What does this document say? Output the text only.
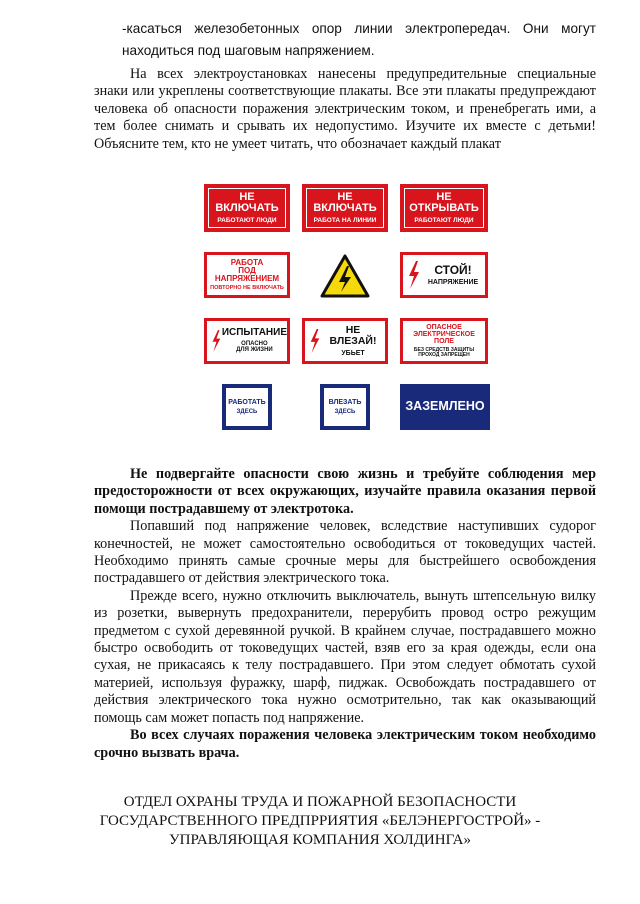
-касаться железобетонных опор линии электропередач. Они могут находиться под шаговым напряжением.

На всех электроустановках нанесены предупредительные специальные знаки или укреплены соответствующие плакаты. Все эти плакаты предупреждают человека об опасности поражения электрическим током, и пренебрегать ими, а тем более снимать и срывать их недопустимо. Изучите их вместе с детьми! Объясните тем, кто не умеет читать, что обозначает каждый плакат

НЕ ВКЛЮЧАТЬ
РАБОТАЮТ ЛЮДИ
НЕ ВКЛЮЧАТЬ
РАБОТА НА ЛИНИИ
НЕ ОТКРЫВАТЬ
РАБОТАЮТ ЛЮДИ
РАБОТА
ПОД НАПРЯЖЕНИЕМ
ПОВТОРНО НЕ ВКЛЮЧАТЬ
СТОЙ!
НАПРЯЖЕНИЕ
ИСПЫТАНИЕ
ОПАСНО
ДЛЯ ЖИЗНИ
НЕ ВЛЕЗАЙ!
УБЬЕТ
ОПАСНОЕ
ЭЛЕКТРИЧЕСКОЕ ПОЛЕ
БЕЗ СРЕДСТВ ЗАЩИТЫ
ПРОХОД ЗАПРЕЩЕН
РАБОТАТЬ
ЗДЕСЬ
ВЛЕЗАТЬ
ЗДЕСЬ	ЗАЗЕМЛЕНО

Не подвергайте опасности свою жизнь и требуйте соблюдения мер предосторожности от всех окружающих, изучайте правила оказания первой помощи пострадавшему от электротока.

Попавший под напряжение человек, вследствие наступивших судорог конечностей, не может самостоятельно освободиться от токоведущих частей. Необходимо принять самые срочные меры для быстрейшего освобождения пострадавшего от действия электрического тока.

Прежде всего, нужно отключить выключатель, вынуть штепсельную вилку из розетки, вывернуть предохранители, перерубить провод остро режущим предметом с сухой деревянной ручкой. В крайнем случае, пострадавшего можно быстро освободить от токоведущих частей, взяв его за края одежды, если она сухая, не прикасаясь к телу пострадавшего. При этом следует обмотать сухой материей, используя фуражку, шарф, пиджак. Освобождать пострадавшего от действия электрического тока нужно осмотрительно, так как оказывающий помощь сам может попасть под напряжение.

Во всех случаях поражения человека электрическим током необходимо срочно вызвать врача.

ОТДЕЛ ОХРАНЫ ТРУДА И ПОЖАРНОЙ БЕЗОПАСНОСТИ
ГОСУДАРСТВЕННОГО ПРЕДПРРИЯТИЯ «БЕЛЭНЕРГОСТРОЙ» -
УПРАВЛЯЮЩАЯ КОМПАНИЯ ХОЛДИНГА»
